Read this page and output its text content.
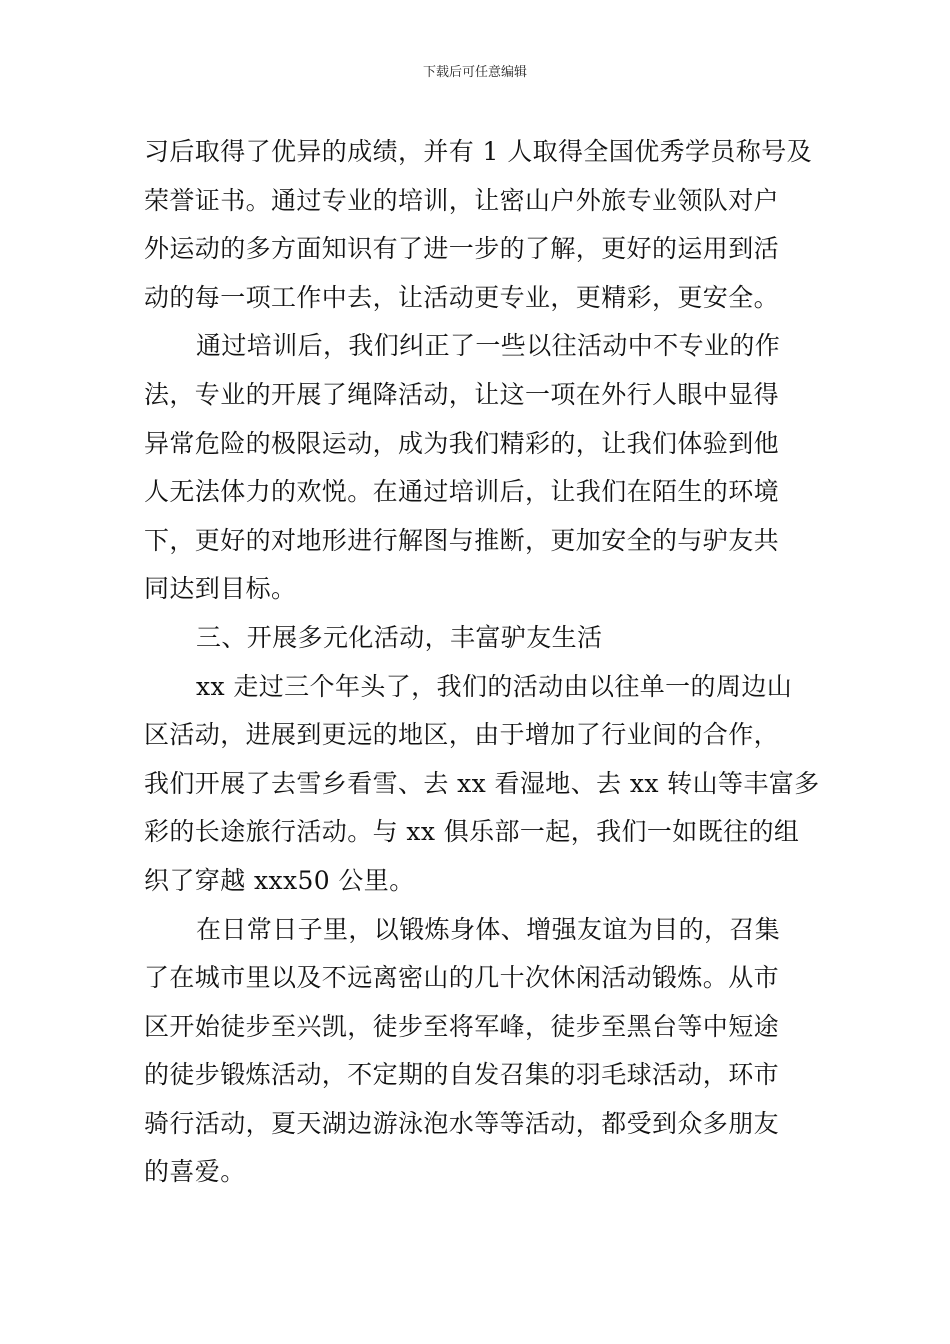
下载后可任意编辑
习后取得了优异的成绩，并有 1 人取得全国优秀学员称号及
荣誉证书。通过专业的培训，让密山户外旅专业领队对户
外运动的多方面知识有了进一步的了解，更好的运用到活
动的每一项工作中去，让活动更专业，更精彩，更安全。
通过培训后，我们纠正了一些以往活动中不专业的作
法，专业的开展了绳降活动，让这一项在外行人眼中显得
异常危险的极限运动，成为我们精彩的，让我们体验到他
人无法体力的欢悦。在通过培训后，让我们在陌生的环境
下，更好的对地形进行解图与推断，更加安全的与驴友共
同达到目标。
三、开展多元化活动，丰富驴友生活
xx 走过三个年头了，我们的活动由以往单一的周边山
区活动，进展到更远的地区，由于增加了行业间的合作，
我们开展了去雪乡看雪、去 xx 看湿地、去 xx 转山等丰富多
彩的长途旅行活动。与 xx 俱乐部一起，我们一如既往的组
织了穿越 xxx50 公里。
在日常日子里，以锻炼身体、增强友谊为目的，召集
了在城市里以及不远离密山的几十次休闲活动锻炼。从市
区开始徒步至兴凯，徒步至将军峰，徒步至黑台等中短途
的徒步锻炼活动，不定期的自发召集的羽毛球活动，环市
骑行活动，夏天湖边游泳泡水等等活动，都受到众多朋友
的喜爱。
